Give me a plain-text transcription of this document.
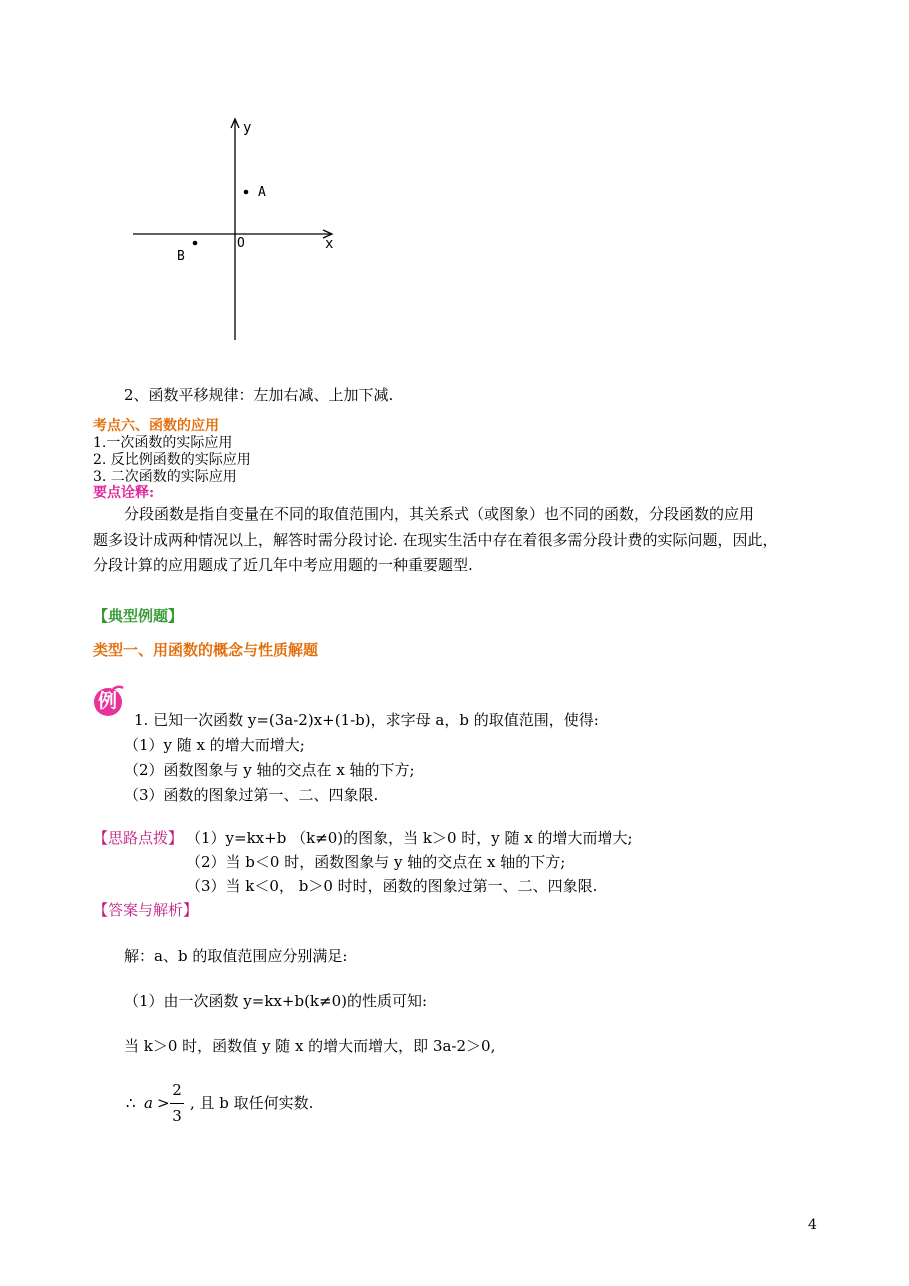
y
x
O
A
B
2、函数平移规律：左加右减、上加下减.
考点六、函数的应用
1.一次函数的实际应用
2. 反比例函数的实际应用
3. 二次函数的实际应用
要点诠释:
分段函数是指自变量在不同的取值范围内，其关系式（或图象）也不同的函数，分段函数的应用
题多设计成两种情况以上，解答时需分段讨论. 在现实生活中存在着很多需分段计费的实际问题，因此，
分段计算的应用题成了近几年中考应用题的一种重要题型.
【典型例题】
类型一、用函数的概念与性质解题
例
1. 已知一次函数 y=(3a-2)x+(1-b)，求字母 a，b 的取值范围，使得:
（1）y 随 x 的增大而增大;
（2）函数图象与 y 轴的交点在 x 轴的下方;
（3）函数的图象过第一、二、四象限.
【思路点拨】 （1）y=kx+b （k≠0)的图象，当 k＞0 时，y 随 x 的增大而增大;
（2）当 b＜0 时，函数图象与 y 轴的交点在 x 轴的下方;
（3）当 k＜0， b＞0 时时，函数的图象过第一、二、四象限.
【答案与解析】
解：a、b 的取值范围应分别满足:
（1）由一次函数 y=kx+b(k≠0)的性质可知:
当 k＞0 时，函数值 y 随 x 的增大而增大，即 3a-2＞0,
∴ a >
2
3
, 且 b 取任何实数.
4
